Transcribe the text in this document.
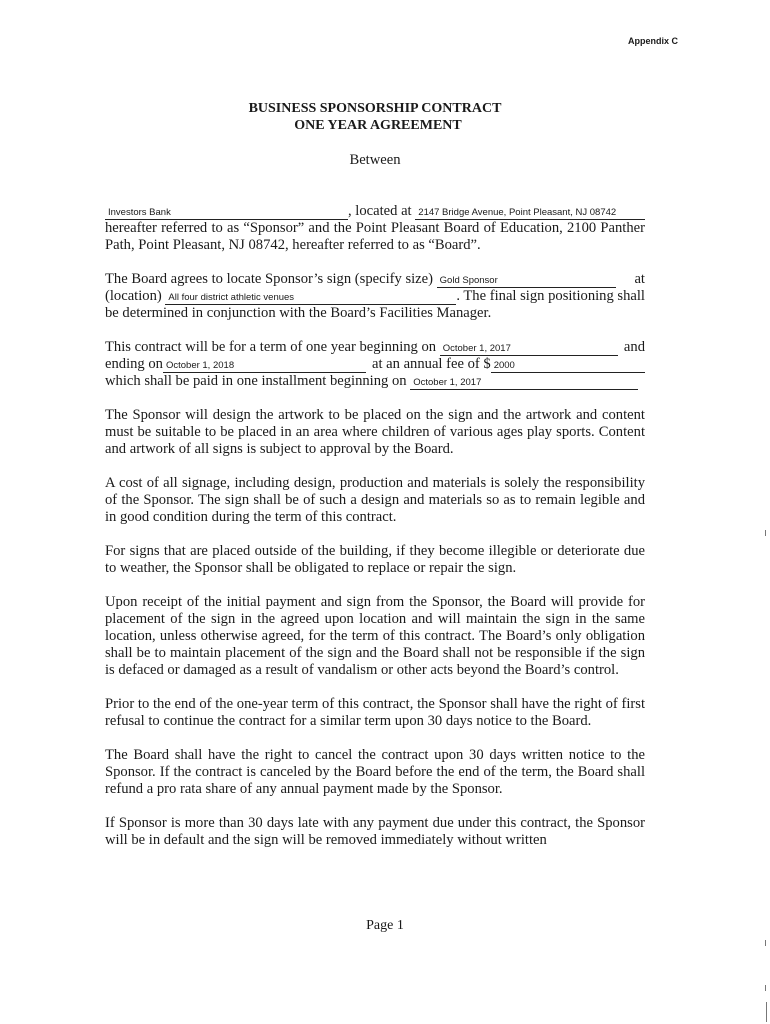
Appendix C
BUSINESS SPONSORSHIP CONTRACT
ONE YEAR AGREEMENT
Between
Investors Bank	, located at
2147 Bridge Avenue, Point Pleasant, NJ 08742

hereafter referred to as “Sponsor” and the Point Pleasant Board of Education, 2100 Panther Path, Point Pleasant, NJ 08742, hereafter referred to as “Board”.

The Board agrees to locate Sponsor’s sign (specify size)
Gold Sponsor	at
(location)
All four district athletic venues	. The final sign positioning shall

be determined in conjunction with the Board’s Facilities Manager.

This contract will be for a term of one year beginning on
October 1, 2017	and
ending on October 1, 2018	at an annual fee of $ 2000
which shall be paid in one installment beginning on
October 1, 2017

The Sponsor will design the artwork to be placed on the sign and the artwork and content must be suitable to be placed in an area where children of various ages play sports. Content and artwork of all signs is subject to approval by the Board.

A cost of all signage, including design, production and materials is solely the responsibility of the Sponsor. The sign shall be of such a design and materials so as to remain legible and in good condition during the term of this contract.

For signs that are placed outside of the building, if they become illegible or deteriorate due to weather, the Sponsor shall be obligated to replace or repair the sign.

Upon receipt of the initial payment and sign from the Sponsor, the Board will provide for placement of the sign in the agreed upon location and will maintain the sign in the same location, unless otherwise agreed, for the term of this contract. The Board’s only obligation shall be to maintain placement of the sign and the Board shall not be responsible if the sign is defaced or damaged as a result of vandalism or other acts beyond the Board’s control.

Prior to the end of the one-year term of this contract, the Sponsor shall have the right of first refusal to continue the contract for a similar term upon 30 days notice to the Board.

The Board shall have the right to cancel the contract upon 30 days written notice to the Sponsor. If the contract is canceled by the Board before the end of the term, the Board shall refund a pro rata share of any annual payment made by the Sponsor.

If Sponsor is more than 30 days late with any payment due under this contract, the Sponsor will be in default and the sign will be removed immediately without written

Page 1
